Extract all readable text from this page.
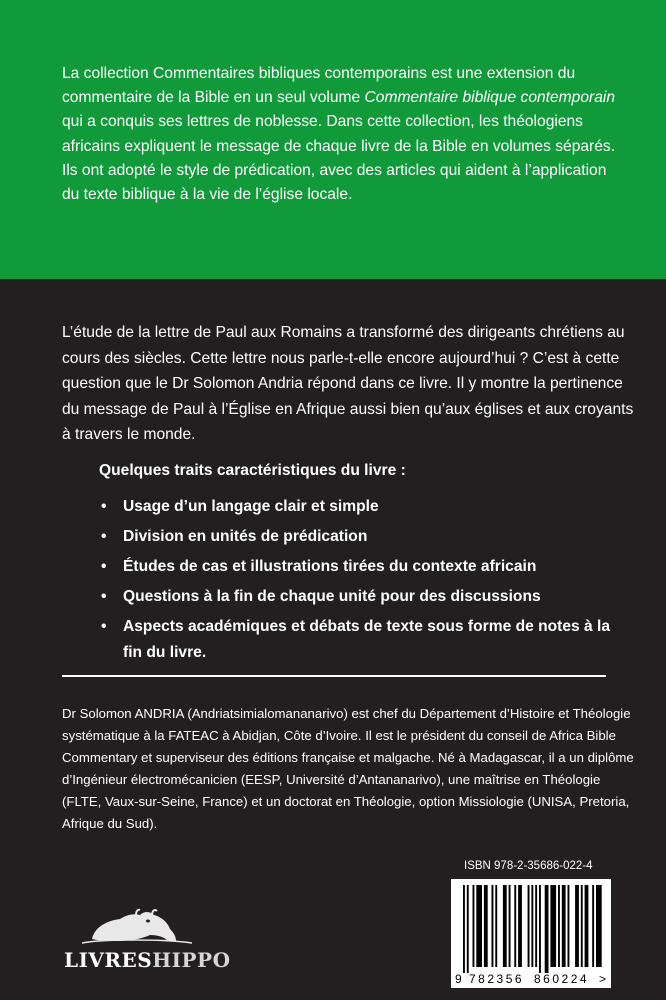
La collection Commentaires bibliques contemporains est une extension du commentaire de la Bible en un seul volume Commentaire biblique contemporain qui a conquis ses lettres de noblesse. Dans cette collection, les théologiens africains expliquent le message de chaque livre de la Bible en volumes séparés. Ils ont adopté le style de prédication, avec des articles qui aident à l’application du texte biblique à la vie de l’église locale.

L’étude de la lettre de Paul aux Romains a transformé des dirigeants chrétiens au cours des siècles. Cette lettre nous parle-t-elle encore aujourd’hui ? C’est à cette question que le Dr Solomon Andria répond dans ce livre. Il y montre la pertinence du message de Paul à l’Église en Afrique aussi bien qu’aux églises et aux croyants à travers le monde.

Quelques traits caractéristiques du livre :

• Usage d’un langage clair et simple
• Division en unités de prédication
• Études de cas et illustrations tirées du contexte africain
• Questions à la fin de chaque unité pour des discussions
• Aspects académiques et débats de texte sous forme de notes à la fin du livre.

Dr Solomon ANDRIA (Andriatsimialomananarivo) est chef du Département d’Histoire et Théologie systématique à la FATEAC à Abidjan, Côte d’Ivoire. Il est le président du conseil de Africa Bible Commentary et superviseur des éditions française et malgache. Né à Madagascar, il a un diplôme d’Ingénieur électromécanicien (EESP, Université d’Antananarivo), une maîtrise en Théologie (FLTE, Vaux-sur-Seine, France) et un doctorat en Théologie, option Missiologie (UNISA, Pretoria, Afrique du Sud).

ISBN 978-2-35686-022-4
9 782356 860224 >
LIVRESHIPPO
